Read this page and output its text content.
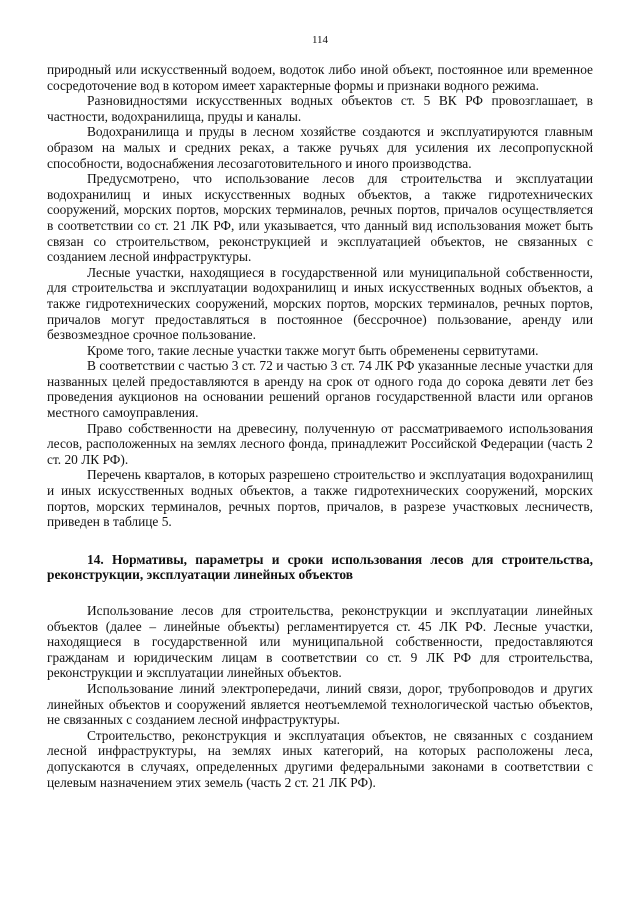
114

природный или искусственный водоем, водоток либо иной объект, постоянное или временное сосредоточение вод в котором имеет характерные формы и признаки водного режима.

Разновидностями искусственных водных объектов ст. 5 ВК РФ провозглашает, в частности, водохранилища, пруды и каналы.

Водохранилища и пруды в лесном хозяйстве создаются и эксплуатируются главным образом на малых и средних реках, а также ручьях для усиления их лесопропускной способности, водоснабжения лесозаготовительного и иного производства.

Предусмотрено, что использование лесов для строительства и эксплуатации водохранилищ и иных искусственных водных объектов, а также гидротехнических сооружений, морских портов, морских терминалов, речных портов, причалов осуществляется в соответствии со ст. 21 ЛК РФ, или указывается, что данный вид использования может быть связан со строительством, реконструкцией и эксплуатацией объектов, не связанных с созданием лесной инфраструктуры.

Лесные участки, находящиеся в государственной или муниципальной собственности, для строительства и эксплуатации водохранилищ и иных искусственных водных объектов, а также гидротехнических сооружений, морских портов, морских терминалов, речных портов, причалов могут предоставляться в постоянное (бессрочное) пользование, аренду или безвозмездное срочное пользование.

Кроме того, такие лесные участки также могут быть обременены сервитутами.

В соответствии с частью 3 ст. 72 и частью 3 ст. 74 ЛК РФ указанные лесные участки для названных целей предоставляются в аренду на срок от одного года до сорока девяти лет без проведения аукционов на основании решений органов государственной власти или органов местного самоуправления.

Право собственности на древесину, полученную от рассматриваемого использования лесов, расположенных на землях лесного фонда, принадлежит Российской Федерации (часть 2 ст. 20 ЛК РФ).

Перечень кварталов, в которых разрешено строительство и эксплуатация водохранилищ и иных искусственных водных объектов, а также гидротехнических сооружений, морских портов, морских терминалов, речных портов, причалов, в разрезе участковых лесничеств, приведен в таблице 5.

14. Нормативы, параметры и сроки использования лесов для строительства, реконструкции, эксплуатации линейных объектов

Использование лесов для строительства, реконструкции и эксплуатации линейных объектов (далее – линейные объекты) регламентируется ст. 45 ЛК РФ. Лесные участки, находящиеся в государственной или муниципальной собственности, предоставляются гражданам и юридическим лицам в соответствии со ст. 9 ЛК РФ для строительства, реконструкции и эксплуатации линейных объектов.

Использование линий электропередачи, линий связи, дорог, трубопроводов и других линейных объектов и сооружений является неотъемлемой технологической частью объектов, не связанных с созданием лесной инфраструктуры.

Строительство, реконструкция и эксплуатация объектов, не связанных с созданием лесной инфраструктуры, на землях иных категорий, на которых расположены леса, допускаются в случаях, определенных другими федеральными законами в соответствии с целевым назначением этих земель (часть 2 ст. 21 ЛК РФ).
